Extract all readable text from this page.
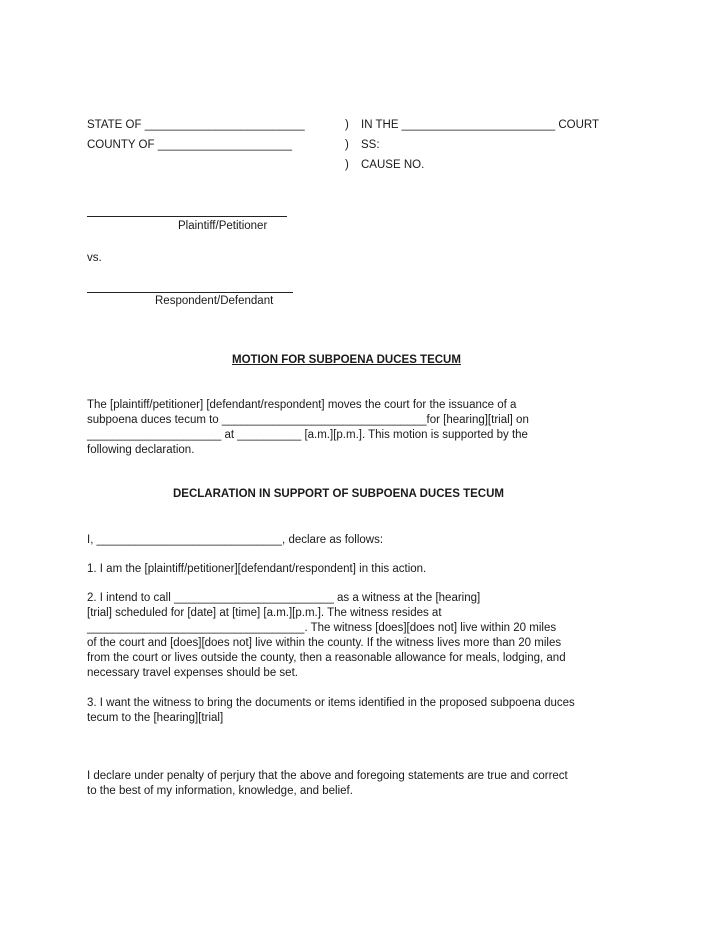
STATE OF _________________________
COUNTY OF _____________________
)
)
)
IN THE ________________________ COURT
SS:
CAUSE NO.
Plaintiff/Petitioner
vs.
Respondent/Defendant
MOTION FOR SUBPOENA DUCES TECUM
The [plaintiff/petitioner] [defendant/respondent] moves the court for the issuance of a
subpoena duces tecum to ________________________________for [hearing][trial] on
_____________________ at __________ [a.m.][p.m.]. This motion is supported by the
following declaration.
DECLARATION IN SUPPORT OF SUBPOENA DUCES TECUM
I, _____________________________, declare as follows:
1. I am the [plaintiff/petitioner][defendant/respondent] in this action.
2. I intend to call _________________________ as a witness at the [hearing]
[trial] scheduled for [date] at [time] [a.m.][p.m.]. The witness resides at
__________________________________. The witness [does][does not] live within 20 miles
of the court and [does][does not] live within the county. If the witness lives more than 20 miles
from the court or lives outside the county, then a reasonable allowance for meals, lodging, and
necessary travel expenses should be set.
3. I want the witness to bring the documents or items identified in the proposed subpoena duces
tecum to the [hearing][trial]
I declare under penalty of perjury that the above and foregoing statements are true and correct
to the best of my information, knowledge, and belief.
